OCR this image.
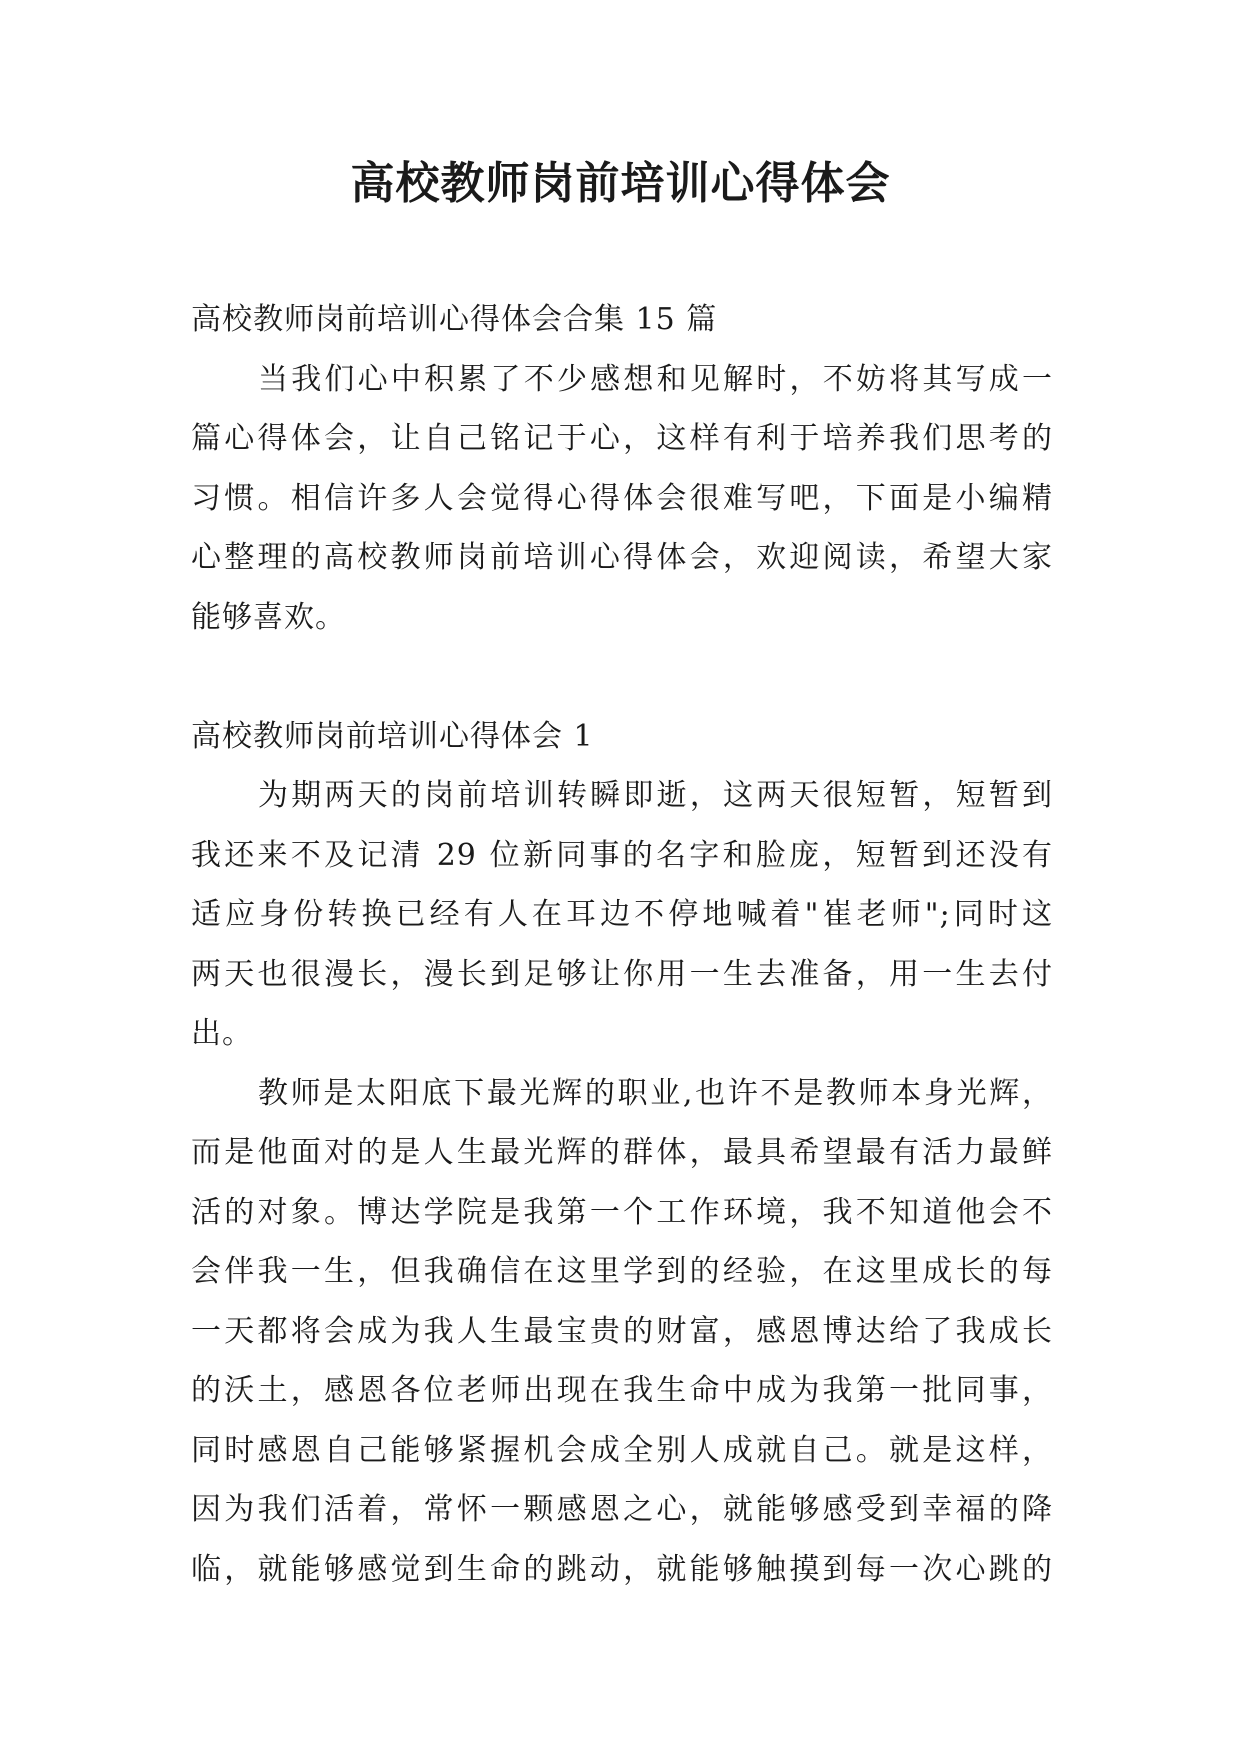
高校教师岗前培训心得体会
高校教师岗前培训心得体会合集 15 篇
当我们心中积累了不少感想和见解时，不妨将其写成一
篇心得体会，让自己铭记于心，这样有利于培养我们思考的
习惯。相信许多人会觉得心得体会很难写吧，下面是小编精
心整理的高校教师岗前培训心得体会，欢迎阅读，希望大家
能够喜欢。
高校教师岗前培训心得体会 1
为期两天的岗前培训转瞬即逝，这两天很短暂，短暂到
我还来不及记清 29 位新同事的名字和脸庞，短暂到还没有
适应身份转换已经有人在耳边不停地喊着"崔老师";同时这
两天也很漫长，漫长到足够让你用一生去准备，用一生去付
出。
教师是太阳底下最光辉的职业,也许不是教师本身光辉，
而是他面对的是人生最光辉的群体，最具希望最有活力最鲜
活的对象。博达学院是我第一个工作环境，我不知道他会不
会伴我一生，但我确信在这里学到的经验，在这里成长的每
一天都将会成为我人生最宝贵的财富，感恩博达给了我成长
的沃土，感恩各位老师出现在我生命中成为我第一批同事，
同时感恩自己能够紧握机会成全别人成就自己。就是这样，
因为我们活着，常怀一颗感恩之心，就能够感受到幸福的降
临，就能够感觉到生命的跳动，就能够触摸到每一次心跳的
